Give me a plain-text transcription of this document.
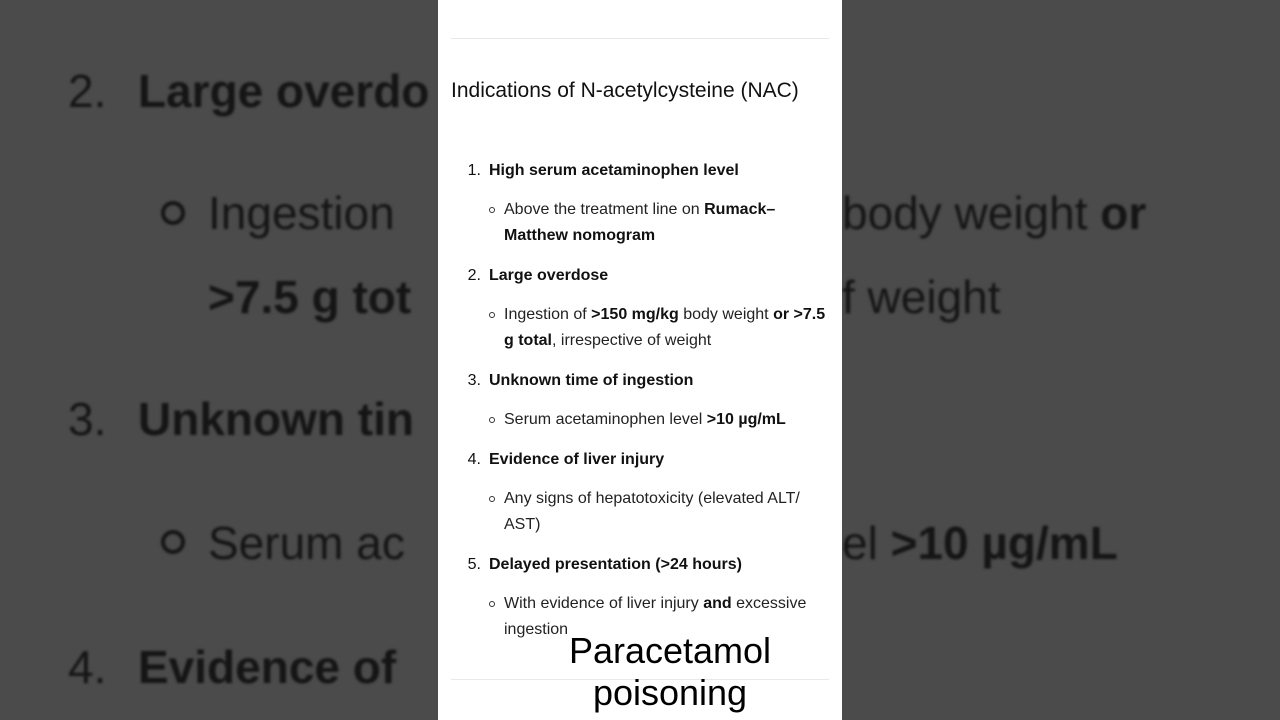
2. Large overdo
Ingestion	body weight or
>7.5 g tot	f weight
3. Unknown tin
Serum ac	el >10 µg/mL
4. Evidence of
Indications of N-acetylcysteine (NAC)
1. High serum acetaminophen level
Above the treatment line on Rumack–Matthew nomogram
2. Large overdose
Ingestion of >150 mg/kg body weight or >7.5 g total, irrespective of weight
3. Unknown time of ingestion
Serum acetaminophen level >10 µg/mL
4. Evidence of liver injury
Any signs of hepatotoxicity (elevated ALT/ AST)
5. Delayed presentation (>24 hours)
With evidence of liver injury and excessive ingestion
Paracetamol
poisoning
